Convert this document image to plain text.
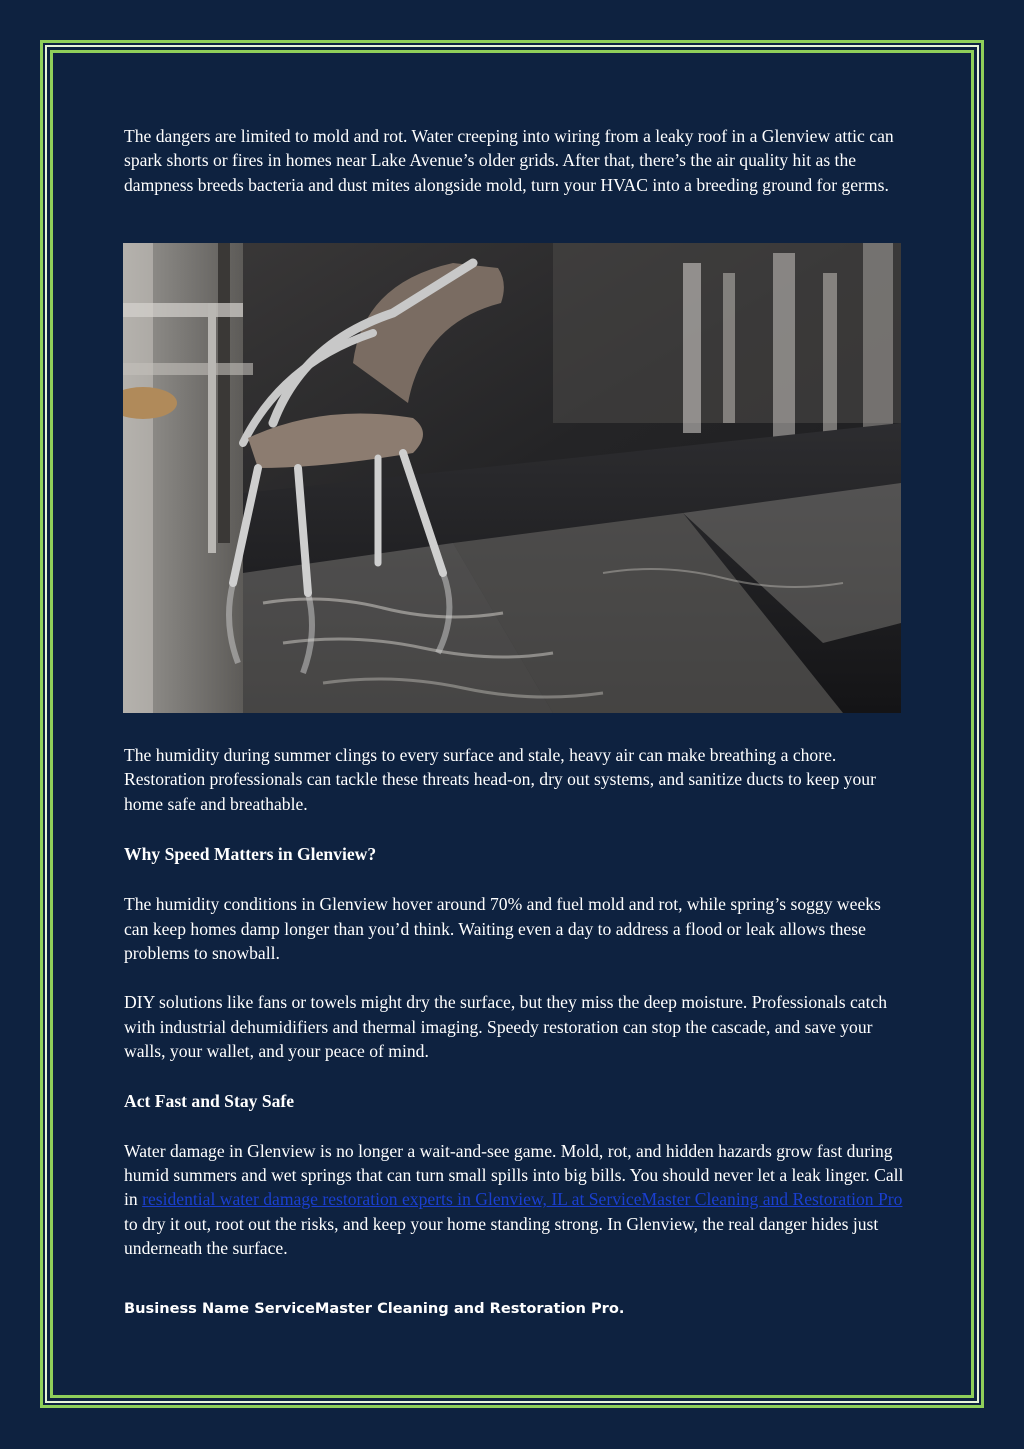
The dangers are limited to mold and rot. Water creeping into wiring from a leaky roof in a Glenview attic can spark shorts or fires in homes near Lake Avenue’s older grids. After that, there’s the air quality hit as the dampness breeds bacteria and dust mites alongside mold, turn your HVAC into a breeding ground for germs.

The humidity during summer clings to every surface and stale, heavy air can make breathing a chore. Restoration professionals can tackle these threats head-on, dry out systems, and sanitize ducts to keep your home safe and breathable.

Why Speed Matters in Glenview?

The humidity conditions in Glenview hover around 70% and fuel mold and rot, while spring’s soggy weeks can keep homes damp longer than you’d think. Waiting even a day to address a flood or leak allows these problems to snowball.

DIY solutions like fans or towels might dry the surface, but they miss the deep moisture. Professionals catch with industrial dehumidifiers and thermal imaging. Speedy restoration can stop the cascade, and save your walls, your wallet, and your peace of mind.

Act Fast and Stay Safe

Water damage in Glenview is no longer a wait-and-see game. Mold, rot, and hidden hazards grow fast during humid summers and wet springs that can turn small spills into big bills. You should never let a leak linger. Call in residential water damage restoration experts in Glenview, IL at ServiceMaster Cleaning and Restoration Pro to dry it out, root out the risks, and keep your home standing strong. In Glenview, the real danger hides just underneath the surface.

Business Name ServiceMaster Cleaning and Restoration Pro.
